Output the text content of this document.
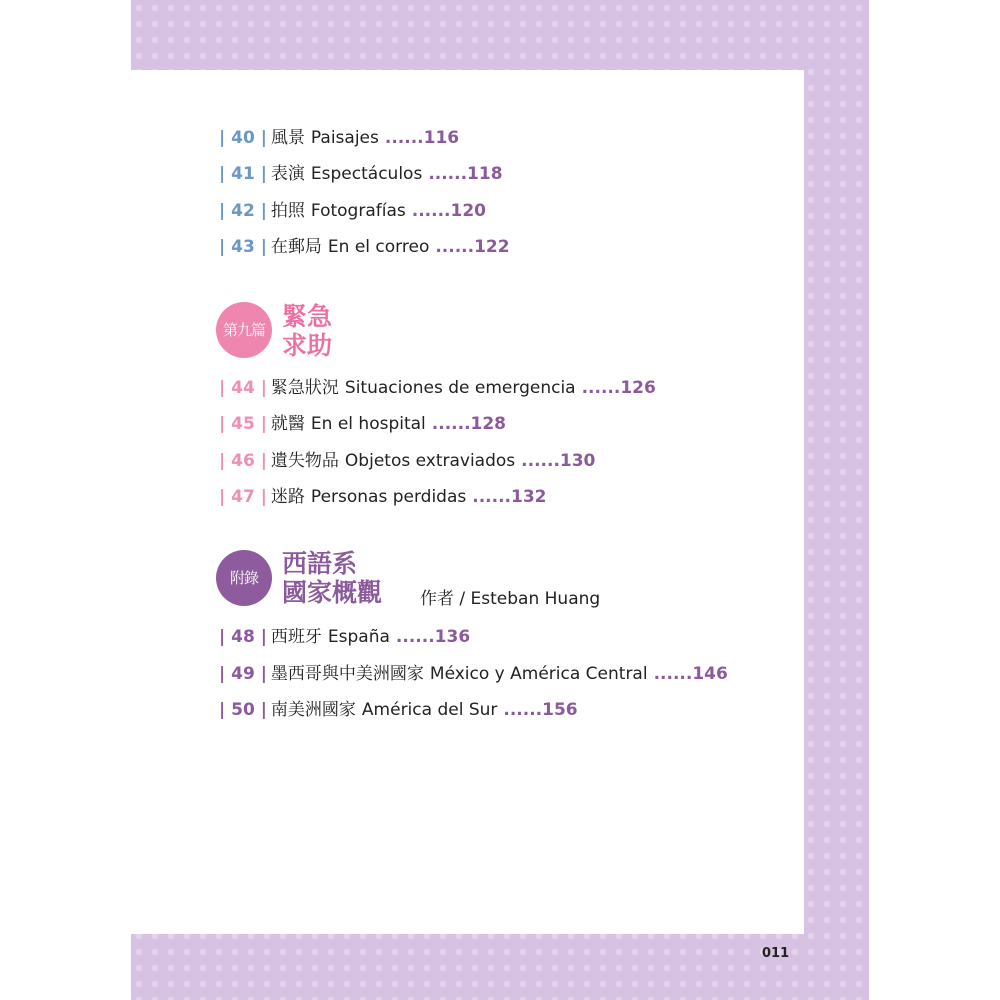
| 40 | 風景 Paisajes ......116
| 41 | 表演 Espectáculos ......118
| 42 | 拍照 Fotografías ......120
| 43 | 在郵局 En el correo ......122
第九篇 緊急
求助
| 44 | 緊急狀況 Situaciones de emergencia ......126
| 45 | 就醫 En el hospital ......128
| 46 | 遺失物品 Objetos extraviados ......130
| 47 | 迷路 Personas perdidas ......132
附錄 西語系
國家概觀 作者 / Esteban Huang
| 48 | 西班牙 España ......136
| 49 | 墨西哥與中美洲國家 México y América Central ......146
| 50 | 南美洲國家 América del Sur ......156
011
